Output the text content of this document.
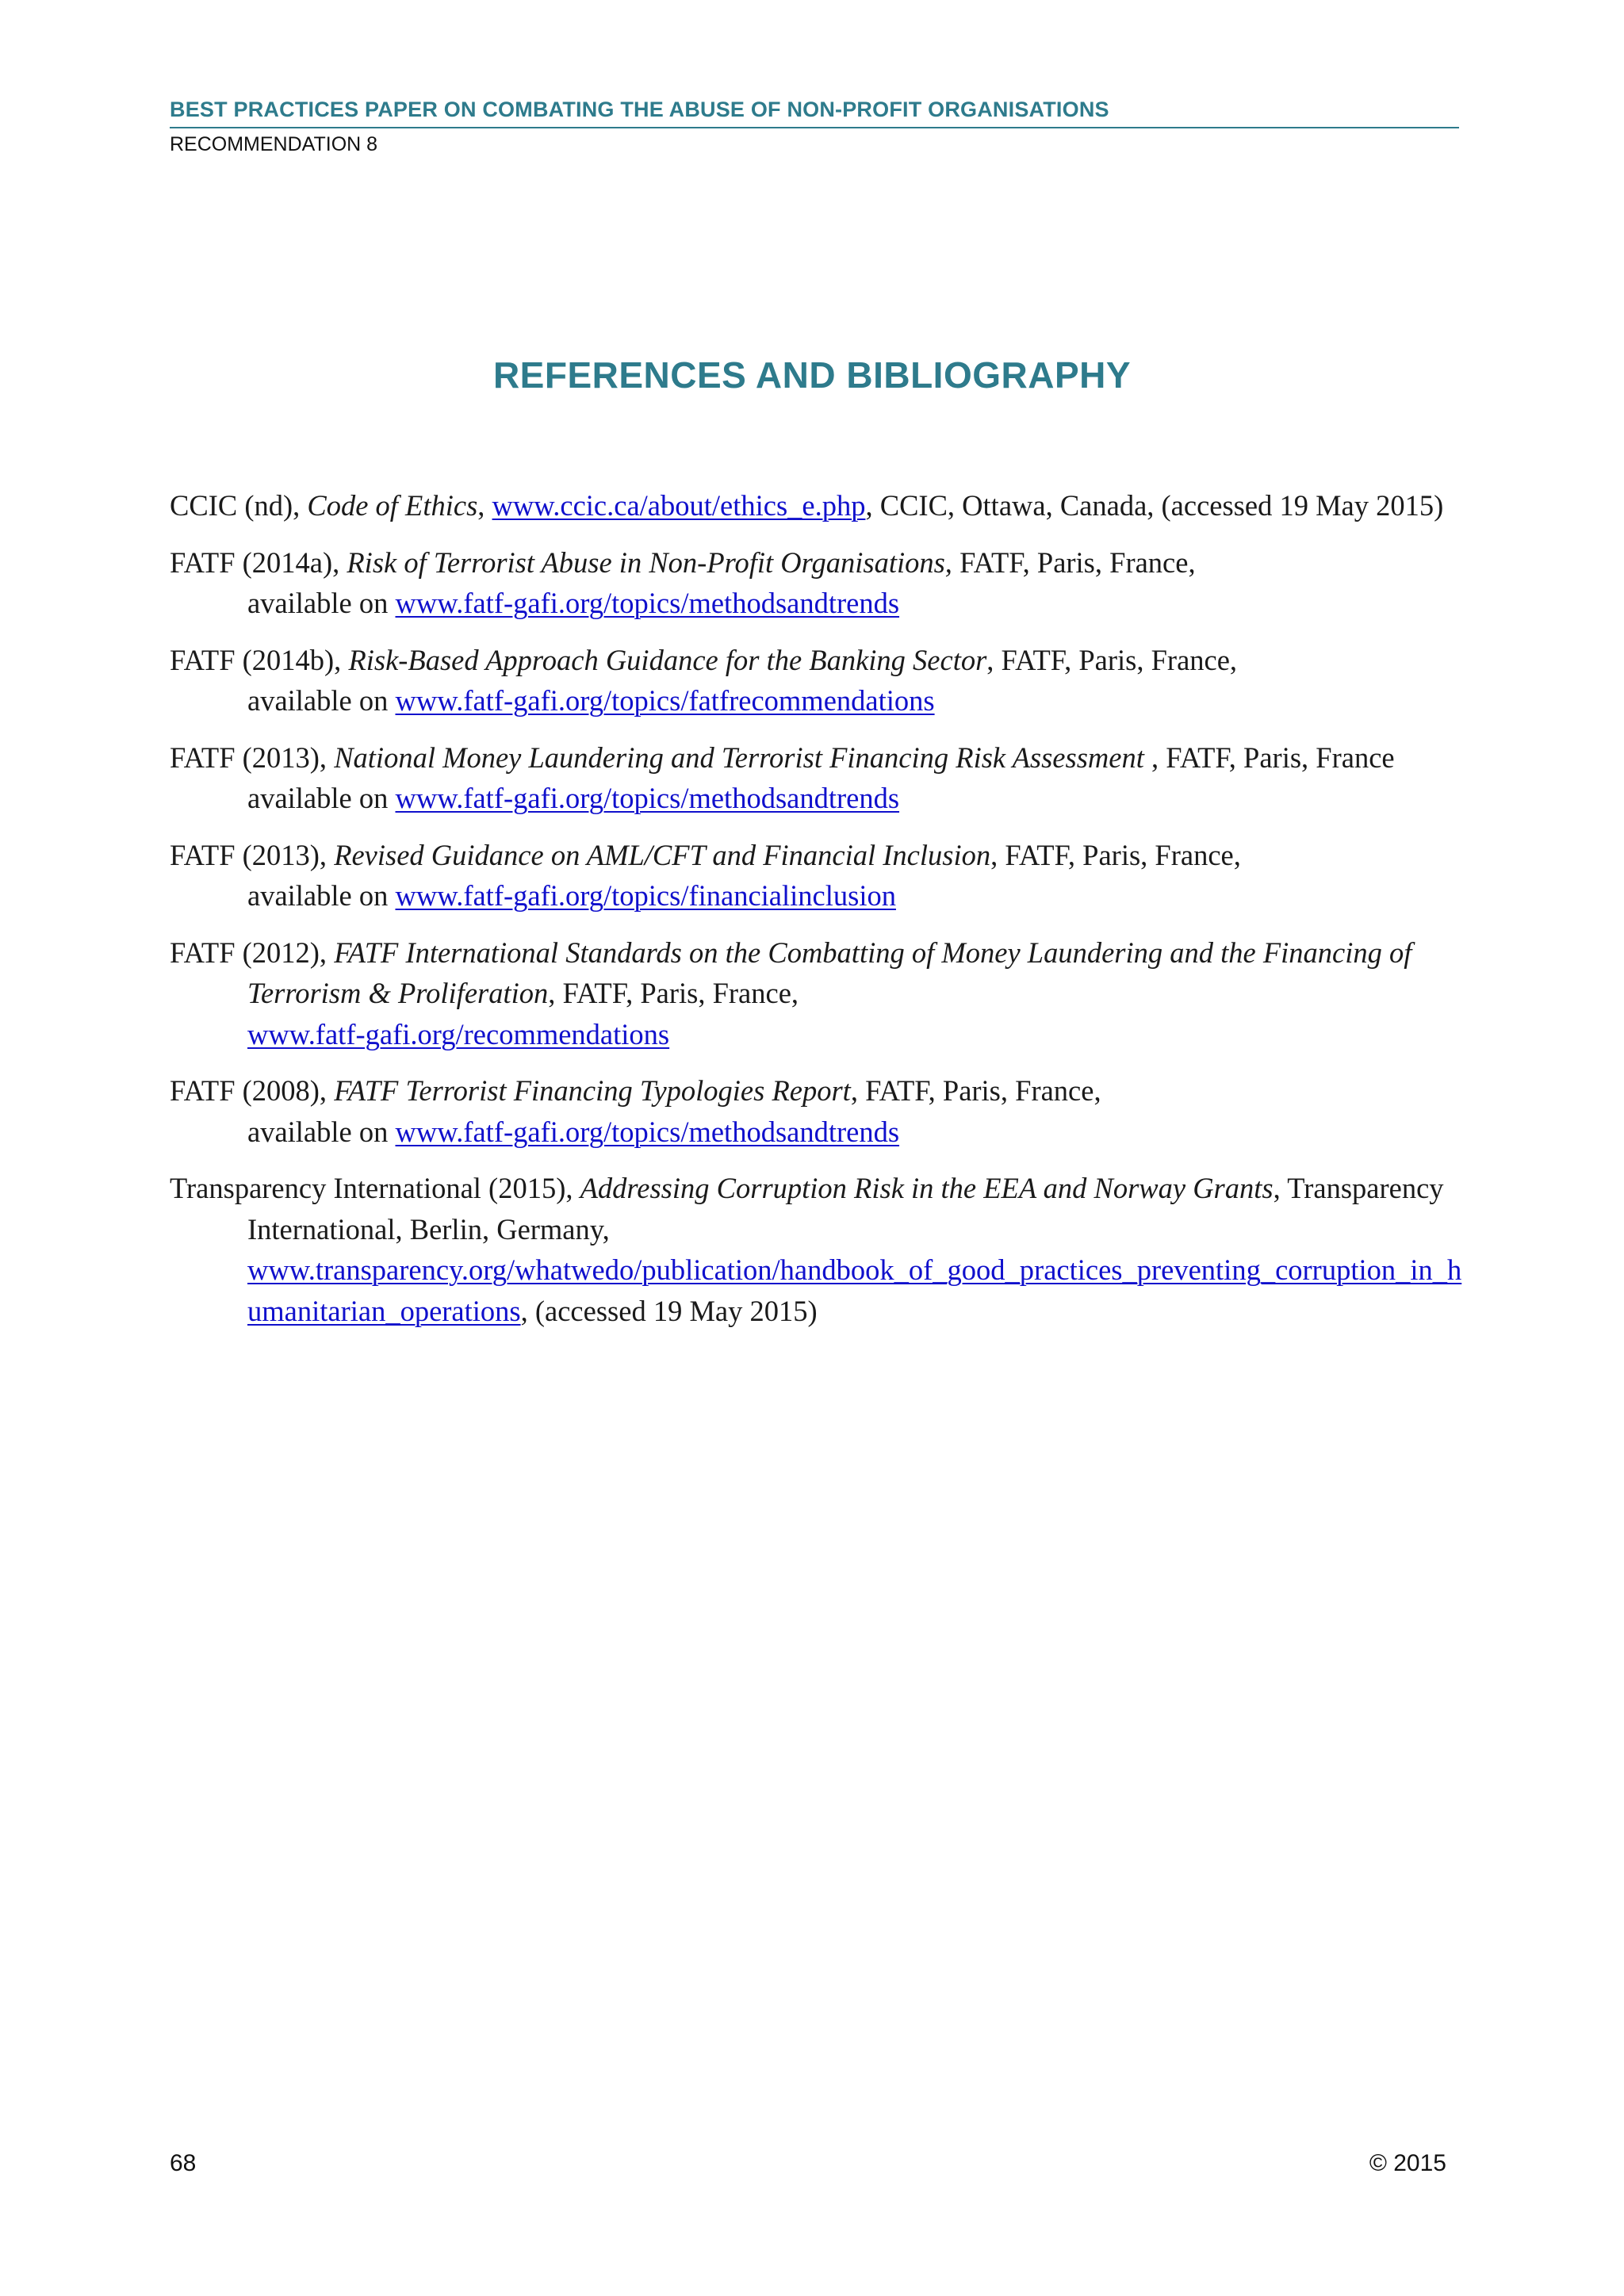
BEST PRACTICES PAPER ON COMBATING THE ABUSE OF NON-PROFIT ORGANISATIONS
RECOMMENDATION 8
REFERENCES AND BIBLIOGRAPHY
CCIC (nd), Code of Ethics, www.ccic.ca/about/ethics_e.php, CCIC, Ottawa, Canada, (accessed 19 May 2015)
FATF (2014a), Risk of Terrorist Abuse in Non-Profit Organisations, FATF, Paris, France,
available on www.fatf-gafi.org/topics/methodsandtrends
FATF (2014b), Risk-Based Approach Guidance for the Banking Sector, FATF, Paris, France,
available on www.fatf-gafi.org/topics/fatfrecommendations
FATF (2013), National Money Laundering and Terrorist Financing Risk Assessment , FATF, Paris, France
available on www.fatf-gafi.org/topics/methodsandtrends
FATF (2013), Revised Guidance on AML/CFT and Financial Inclusion, FATF, Paris, France,
available on www.fatf-gafi.org/topics/financialinclusion
FATF (2012), FATF International Standards on the Combatting of Money Laundering and the Financing of Terrorism & Proliferation, FATF, Paris, France,
www.fatf-gafi.org/recommendations
FATF (2008), FATF Terrorist Financing Typologies Report, FATF, Paris, France,
available on www.fatf-gafi.org/topics/methodsandtrends
Transparency International (2015), Addressing Corruption Risk in the EEA and Norway Grants, Transparency International, Berlin, Germany,
www.transparency.org/whatwedo/publication/handbook_of_good_practices_preventing_corruption_in_humanitarian_operations, (accessed 19 May 2015)
68	© 2015
